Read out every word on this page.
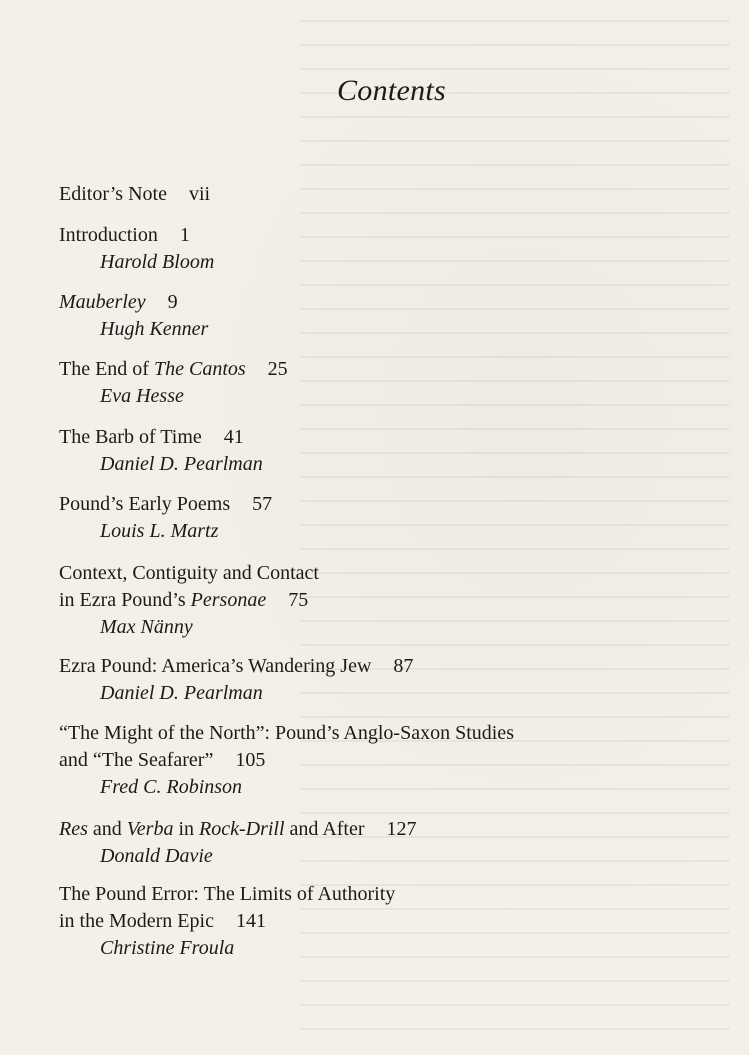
Contents
Editor’s Note vii
Introduction 1
Harold Bloom
Mauberley 9
Hugh Kenner
The End of The Cantos 25
Eva Hesse
The Barb of Time 41
Daniel D. Pearlman
Pound’s Early Poems 57
Louis L. Martz
Context, Contiguity and Contact
in Ezra Pound’s Personae 75
Max Nänny
Ezra Pound: America’s Wandering Jew 87
Daniel D. Pearlman
“The Might of the North”: Pound’s Anglo-Saxon Studies
and “The Seafarer” 105
Fred C. Robinson
Res and Verba in Rock-Drill and After 127
Donald Davie
The Pound Error: The Limits of Authority
in the Modern Epic 141
Christine Froula
